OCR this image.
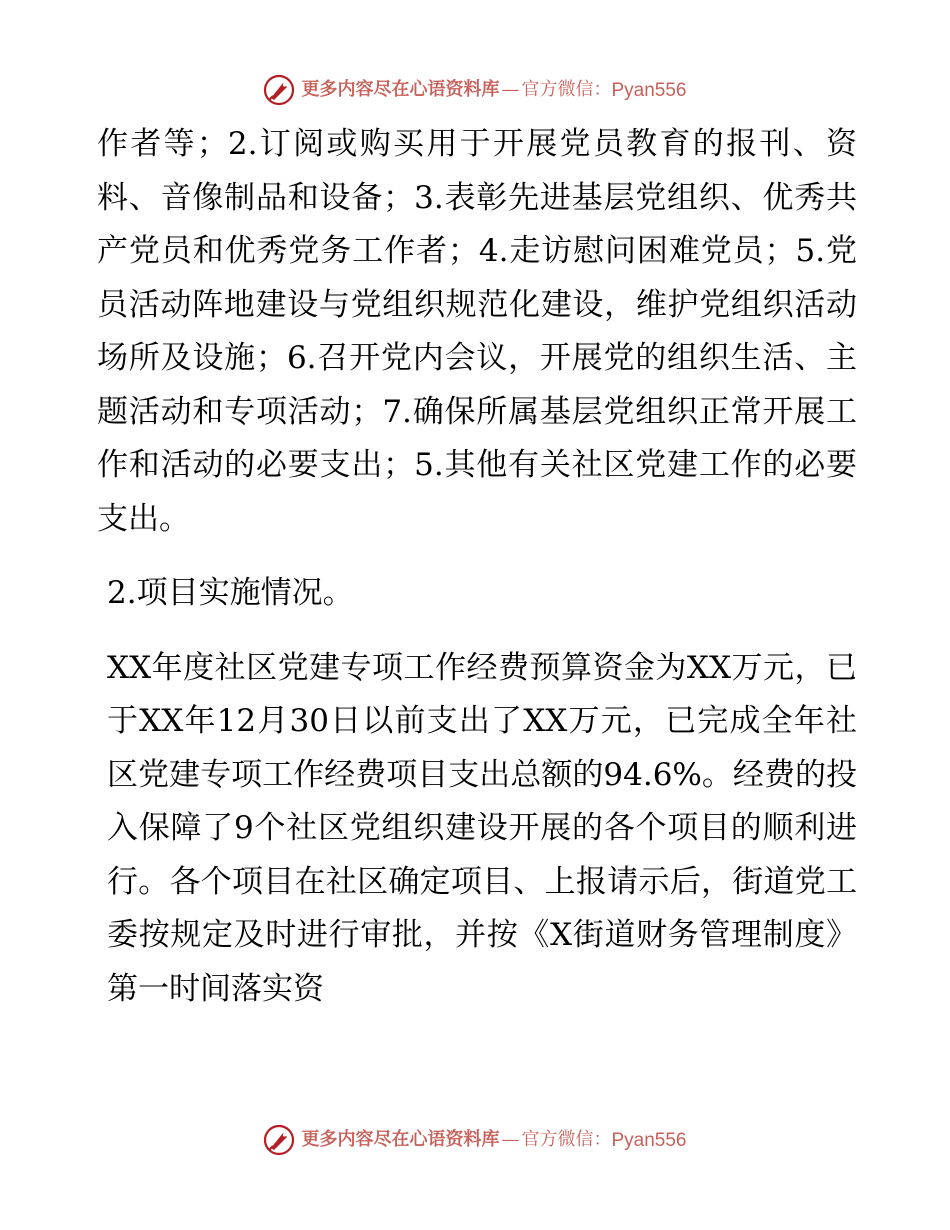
更多内容尽在心语资料库 — 官方微信： Pyan556

作者等；2.订阅或购买用于开展党员教育的报刊、资料、音像制品和设备；3.表彰先进基层党组织、优秀共产党员和优秀党务工作者；4.走访慰问困难党员；5.党员活动阵地建设与党组织规范化建设，维护党组织活动场所及设施；6.召开党内会议，开展党的组织生活、主题活动和专项活动；7.确保所属基层党组织正常开展工作和活动的必要支出；5.其他有关社区党建工作的必要支出。

2.项目实施情况。

XX年度社区党建专项工作经费预算资金为XX万元，已于XX年12月30日以前支出了XX万元，已完成全年社区党建专项工作经费项目支出总额的94.6%。经费的投入保障了9个社区党组织建设开展的各个项目的顺利进行。各个项目在社区确定项目、上报请示后，街道党工委按规定及时进行审批，并按《X街道财务管理制度》第一时间落实资

更多内容尽在心语资料库 — 官方微信： Pyan556
